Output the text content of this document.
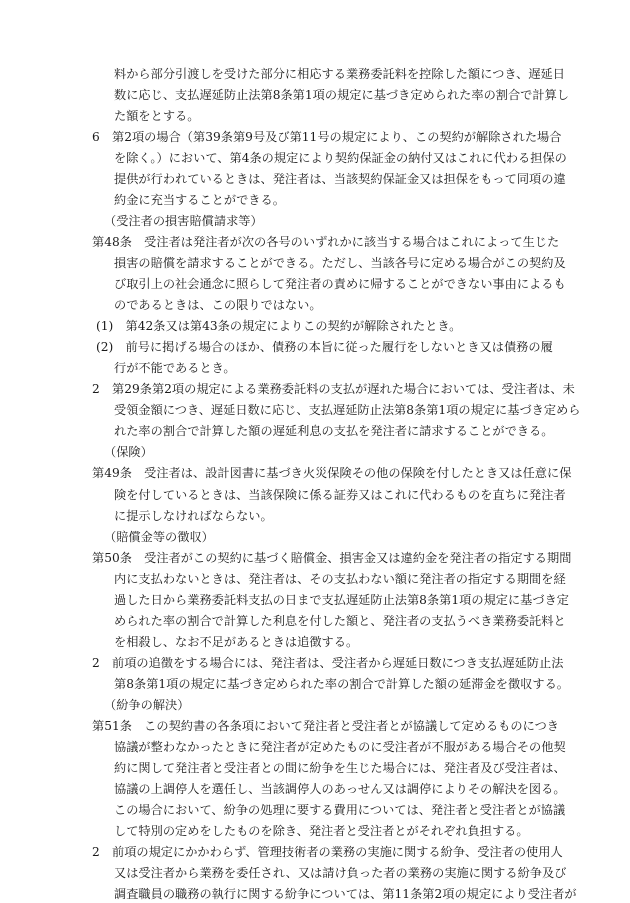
料から部分引渡しを受けた部分に相応する業務委託料を控除した額につき、遅延日
数に応じ、支払遅延防止法第8条第1項の規定に基づき定められた率の割合で計算し
た額をとする。
6　第2項の場合（第39条第9号及び第11号の規定により、この契約が解除された場合
を除く。）において、第4条の規定により契約保証金の納付又はこれに代わる担保の
提供が行われているときは、発注者は、当該契約保証金又は担保をもって同項の違
約金に充当することができる。
（受注者の損害賠償請求等）
第48条　受注者は発注者が次の各号のいずれかに該当する場合はこれによって生じた
損害の賠償を請求することができる。ただし、当該各号に定める場合がこの契約及
び取引上の社会通念に照らして発注者の責めに帰することができない事由によるも
のであるときは、この限りではない。
(1)　第42条又は第43条の規定によりこの契約が解除されたとき。
(2)　前号に掲げる場合のほか、債務の本旨に従った履行をしないとき又は債務の履
行が不能であるとき。
2　第29条第2項の規定による業務委託料の支払が遅れた場合においては、受注者は、未
受領金額につき、遅延日数に応じ、支払遅延防止法第8条第1項の規定に基づき定めら
れた率の割合で計算した額の遅延利息の支払を発注者に請求することができる。
（保険）
第49条　受注者は、設計図書に基づき火災保険その他の保険を付したとき又は任意に保
険を付しているときは、当該保険に係る証券又はこれに代わるものを直ちに発注者
に提示しなければならない。
（賠償金等の徴収）
第50条　受注者がこの契約に基づく賠償金、損害金又は違約金を発注者の指定する期間
内に支払わないときは、発注者は、その支払わない額に発注者の指定する期間を経
過した日から業務委託料支払の日まで支払遅延防止法第8条第1項の規定に基づき定
められた率の割合で計算した利息を付した額と、発注者の支払うべき業務委託料と
を相殺し、なお不足があるときは追徴する。
2　前項の追徴をする場合には、発注者は、受注者から遅延日数につき支払遅延防止法
第8条第1項の規定に基づき定められた率の割合で計算した額の延滞金を徴収する。
（紛争の解決）
第51条　この契約書の各条項において発注者と受注者とが協議して定めるものにつき
協議が整わなかったときに発注者が定めたものに受注者が不服がある場合その他契
約に関して発注者と受注者との間に紛争を生じた場合には、発注者及び受注者は、
協議の上調停人を選任し、当該調停人のあっせん又は調停によりその解決を図る。
この場合において、紛争の処理に要する費用については、発注者と受注者とが協議
して特別の定めをしたものを除き、発注者と受注者とがそれぞれ負担する。
2　前項の規定にかかわらず、管理技術者の業務の実施に関する紛争、受注者の使用人
又は受注者から業務を委任され、又は請け負った者の業務の実施に関する紛争及び
調査職員の職務の執行に関する紛争については、第11条第2項の規定により受注者が
